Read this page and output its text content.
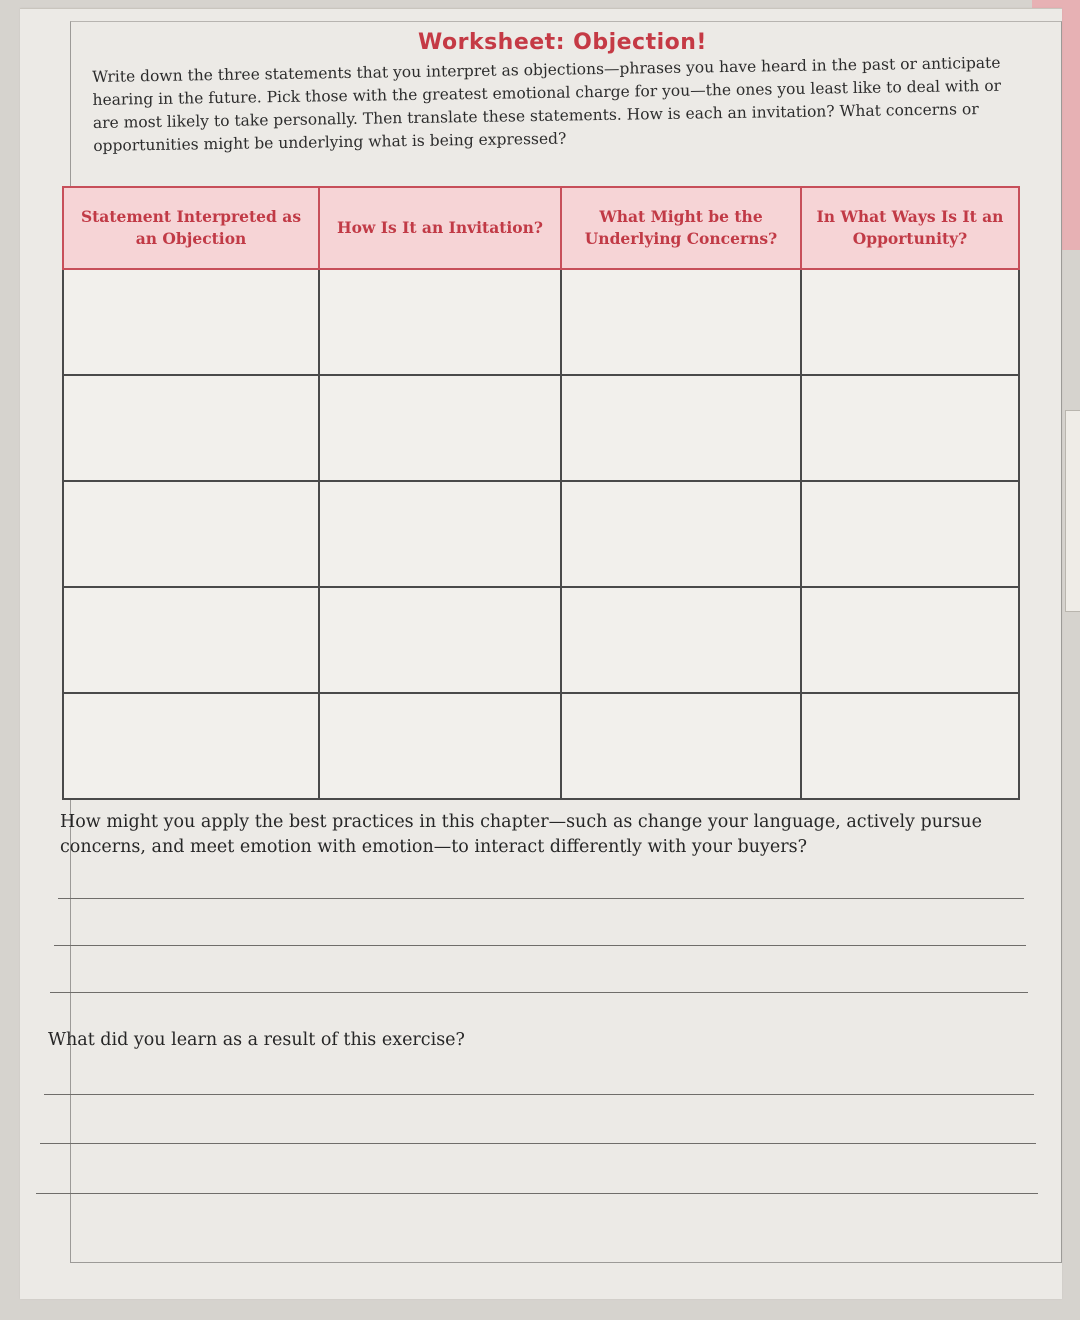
Worksheet: Objection!

Write down the three statements that you interpret as objections—phrases you have heard in the past or anticipate hearing in the future. Pick those with the greatest emotional charge for you—the ones you least like to deal with or are most likely to take personally. Then translate these statements. How is each an invitation? What concerns or opportunities might be underlying what is being expressed?

Statement Interpreted as an Objection	How Is It an Invitation?	What Might be the Underlying Concerns?	In What Ways Is It an Opportunity?

How might you apply the best practices in this chapter—such as change your language, actively pursue concerns, and meet emotion with emotion—to interact differently with your buyers?

What did you learn as a result of this exercise?
